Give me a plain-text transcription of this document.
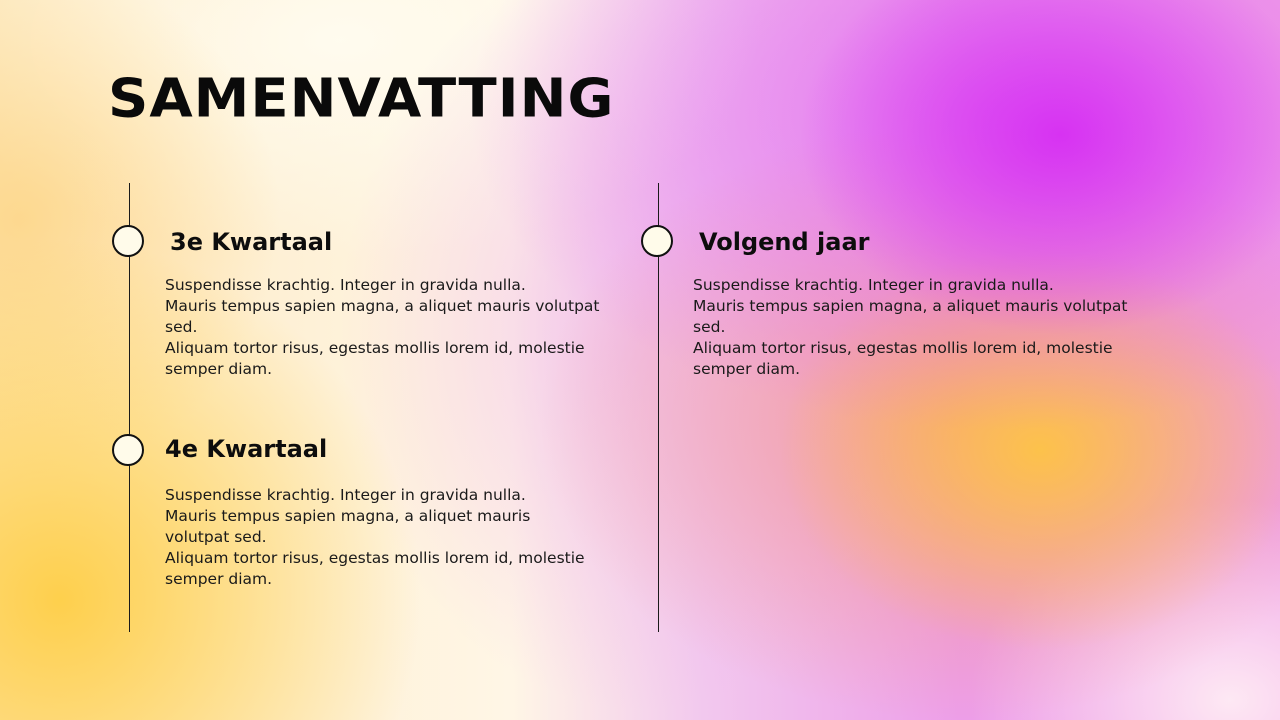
SAMENVATTING
3e Kwartaal
Suspendisse krachtig. Integer in gravida nulla.
Mauris tempus sapien magna, a aliquet mauris volutpat sed.
Aliquam tortor risus, egestas mollis lorem id, molestie semper diam.
4e Kwartaal
Suspendisse krachtig. Integer in gravida nulla.
Mauris tempus sapien magna, a aliquet mauris volutpat sed.
Aliquam tortor risus, egestas mollis lorem id, molestie semper diam.
Volgend jaar
Suspendisse krachtig. Integer in gravida nulla.
Mauris tempus sapien magna, a aliquet mauris volutpat sed.
Aliquam tortor risus, egestas mollis lorem id, molestie semper diam.
